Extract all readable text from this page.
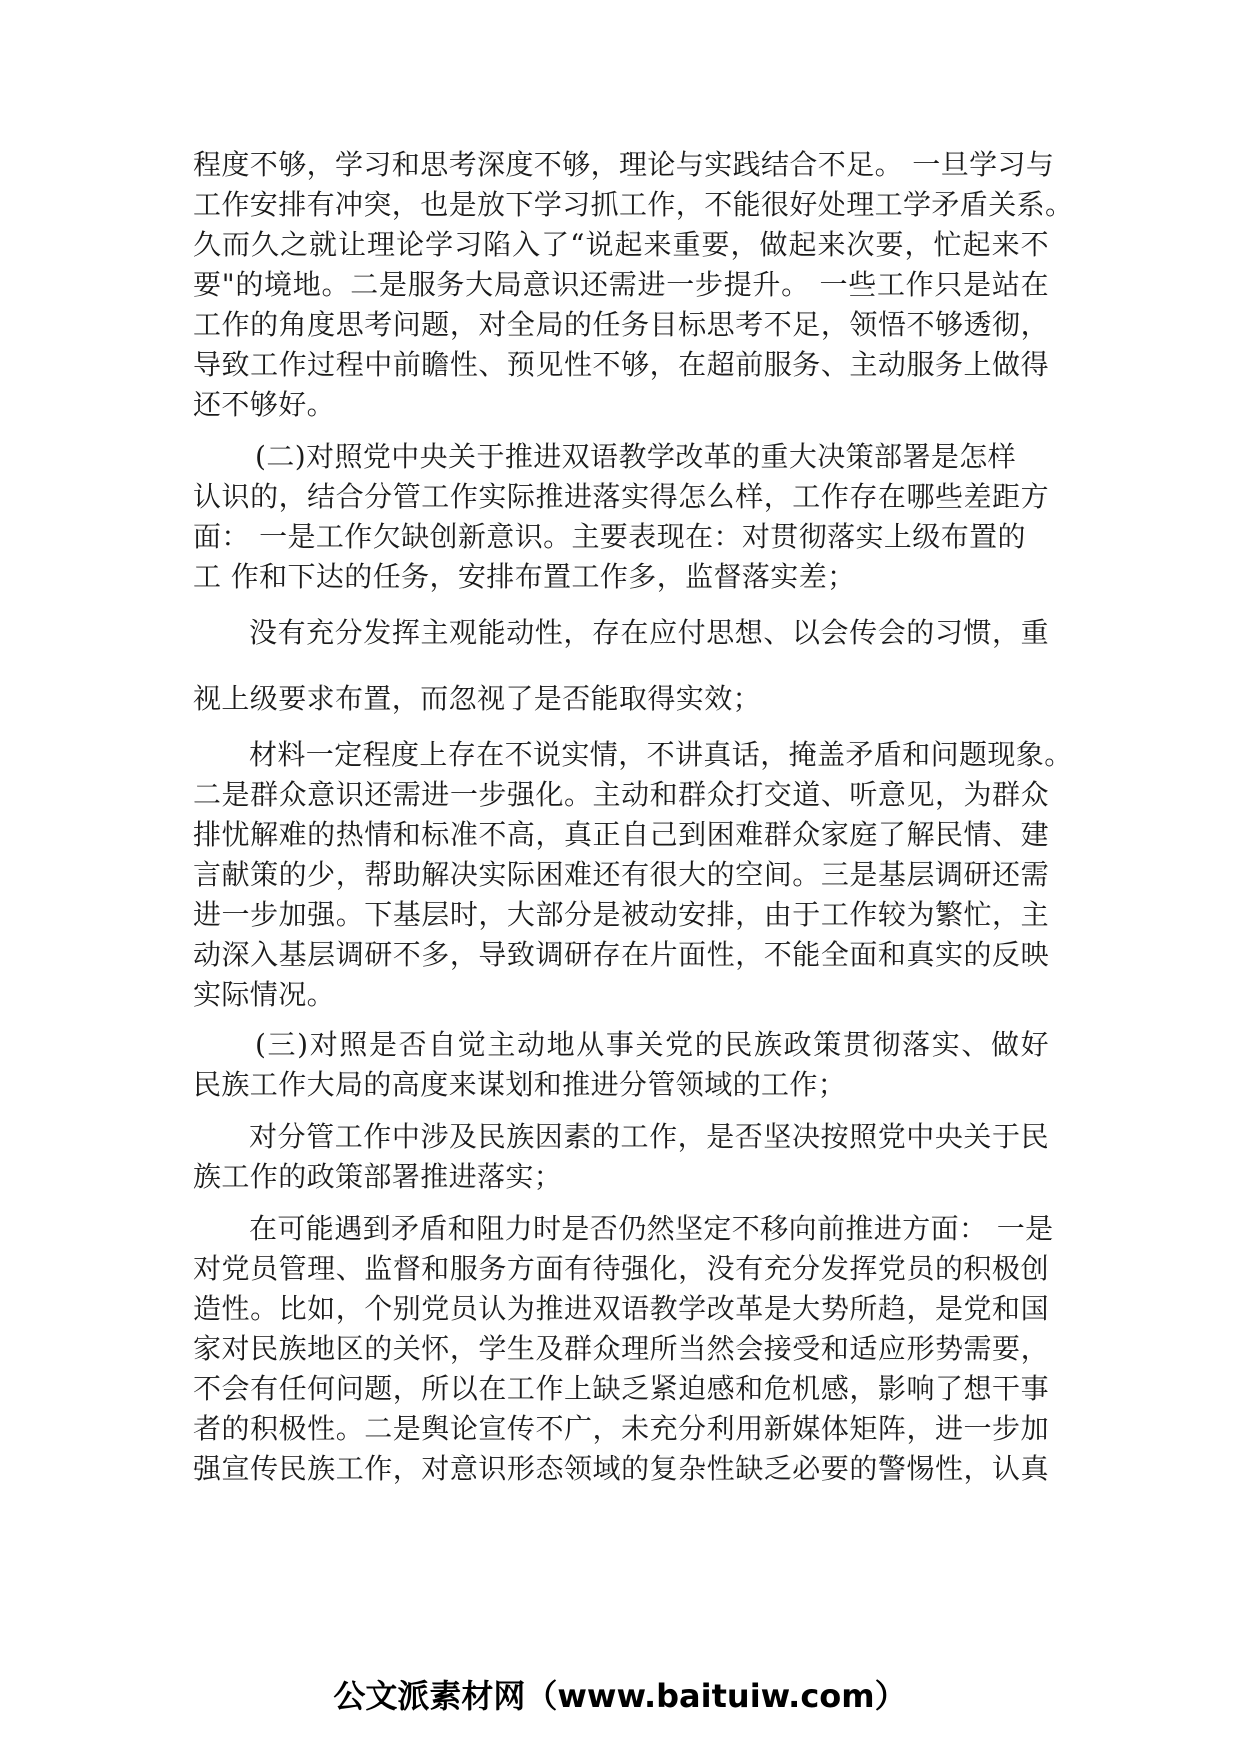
程度不够，学习和思考深度不够，理论与实践结合不足。 一旦学习与
工作安排有冲突，也是放下学习抓工作，不能很好处理工学矛盾关系。
久而久之就让理论学习陷入了“说起来重要，做起来次要，忙起来不
要"的境地。二是服务大局意识还需进一步提升。 一些工作只是站在
工作的角度思考问题，对全局的任务目标思考不足，领悟不够透彻，
导致工作过程中前瞻性、预见性不够，在超前服务、主动服务上做得
还不够好。
(二)对照党中央关于推进双语教学改革的重大决策部署是怎样
认识的，结合分管工作实际推进落实得怎么样，工作存在哪些差距方
面： 一是工作欠缺创新意识。主要表现在：对贯彻落实上级布置的
工 作和下达的任务，安排布置工作多，监督落实差；
没有充分发挥主观能动性，存在应付思想、以会传会的习惯，重
视上级要求布置，而忽视了是否能取得实效；
材料一定程度上存在不说实情，不讲真话，掩盖矛盾和问题现象。
二是群众意识还需进一步强化。主动和群众打交道、听意见，为群众
排忧解难的热情和标准不高，真正自己到困难群众家庭了解民情、建
言献策的少，帮助解决实际困难还有很大的空间。三是基层调研还需
进一步加强。下基层时，大部分是被动安排，由于工作较为繁忙，主
动深入基层调研不多，导致调研存在片面性，不能全面和真实的反映
实际情况。
(三)对照是否自觉主动地从事关党的民族政策贯彻落实、做好
民族工作大局的高度来谋划和推进分管领域的工作；
对分管工作中涉及民族因素的工作，是否坚决按照党中央关于民
族工作的政策部署推进落实；
在可能遇到矛盾和阻力时是否仍然坚定不移向前推进方面： 一是
对党员管理、监督和服务方面有待强化，没有充分发挥党员的积极创
造性。比如，个别党员认为推进双语教学改革是大势所趋，是党和国
家对民族地区的关怀，学生及群众理所当然会接受和适应形势需要，
不会有任何问题，所以在工作上缺乏紧迫感和危机感，影响了想干事
者的积极性。二是舆论宣传不广，未充分利用新媒体矩阵，进一步加
强宣传民族工作，对意识形态领域的复杂性缺乏必要的警惕性，认真
公文派素材网（www.baituiw.com）
